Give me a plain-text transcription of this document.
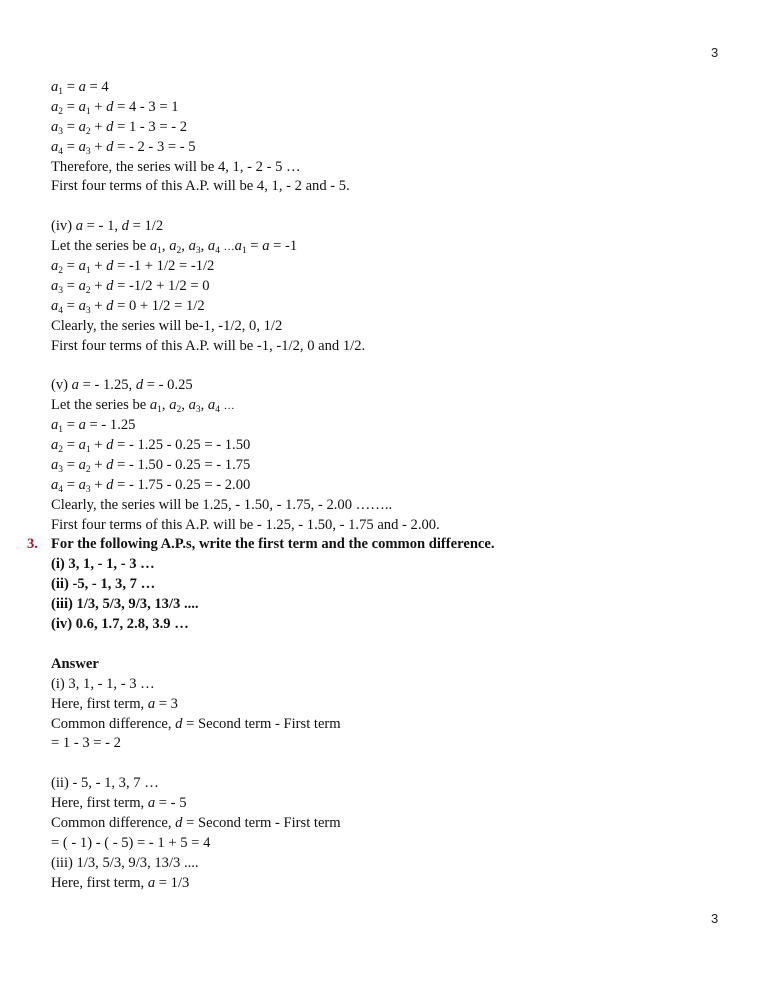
3
$a_1 = a = 4$
$a_2 = a_1 + d = 4 - 3 = 1$
$a_3 = a_2 + d = 1 - 3$ = - 2
$a_4 = a_3 + d$ = - 2 - 3 = - 5
Therefore, the series will be 4, 1, - 2 - 5 …
First four terms of this A.P. will be 4, 1, - 2 and - 5.
(iv) a = - 1, d = 1/2
Let the series be $a_1$, $a_2$, $a_3$, $a_4$ $\dots a_1 = a = -1$
$a_2 = a_1 + d = -1 + 1/2 = -1/2$
$a_3 = a_2 + d = -1/2 + 1/2 = 0$
$a_4 = a_3 + d = 0 + 1/2 = 1/2$
Clearly, the series will be-1, -1/2, 0, 1/2
First four terms of this A.P. will be -1, -1/2, 0 and 1/2.
(v) a = - 1.25, d = - 0.25
Let the series be $a_1$, $a_2$, $a_3$, $a_4$ …
$a_1 = a$ = - 1.25
$a_2 = a_1 + d$ = - 1.25 - 0.25 = - 1.50
$a_3 = a_2 + d$ = - 1.50 - 0.25 = - 1.75
$a_4 = a_3 + d$ = - 1.75 - 0.25 = - 2.00
Clearly, the series will be 1.25, - 1.50, - 1.75, - 2.00 ……..
First four terms of this A.P. will be - 1.25, - 1.50, - 1.75 and - 2.00.
3. For the following A.P.s, write the first term and the common difference.
(i) 3, 1, - 1, - 3 …
(ii) -5, - 1, 3, 7 …
(iii) 1/3, 5/3, 9/3, 13/3 ....
(iv) 0.6, 1.7, 2.8, 3.9 …
Answer
(i) 3, 1, - 1, - 3 …
Here, first term, a = 3
Common difference, d = Second term - First term
= 1 - 3 = - 2
(ii) - 5, - 1, 3, 7 …
Here, first term, a = - 5
Common difference, d = Second term - First term
= ( - 1) - ( - 5) = - 1 + 5 = 4
(iii) 1/3, 5/3, 9/3, 13/3 ....
Here, first term, a = 1/3
3
